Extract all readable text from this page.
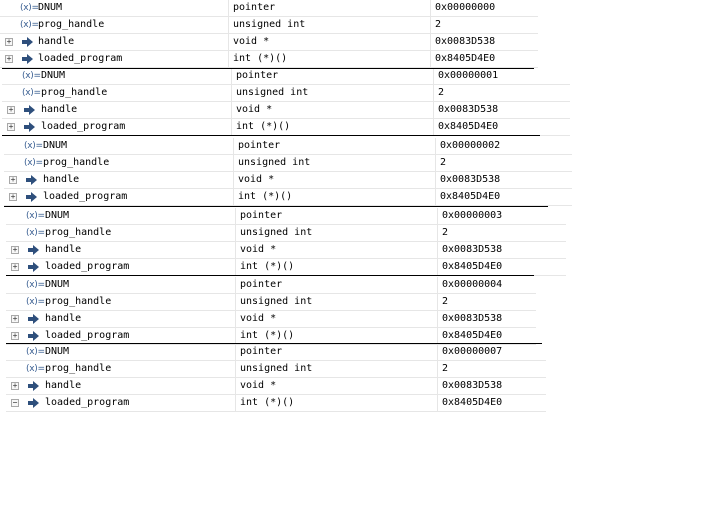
(x)= DNUM	pointer	0x00000000
(x)= prog_handle	unsigned int	2
+	handle	void *	0x0083D538
+	loaded_program	int (*)()	0x8405D4E0
(x)= DNUM	pointer	0x00000001
(x)= prog_handle	unsigned int	2
+	handle	void *	0x0083D538
+	loaded_program	int (*)()	0x8405D4E0
(x)= DNUM	pointer	0x00000002
(x)= prog_handle	unsigned int	2
+	handle	void *	0x0083D538
+	loaded_program	int (*)()	0x8405D4E0
(x)= DNUM	pointer	0x00000003
(x)= prog_handle	unsigned int	2
+	handle	void *	0x0083D538
+	loaded_program	int (*)()	0x8405D4E0
(x)= DNUM	pointer	0x00000004
(x)= prog_handle	unsigned int	2
+	handle	void *	0x0083D538
+	loaded_program	int (*)()	0x8405D4E0
(x)= DNUM	pointer	0x00000007
(x)= prog_handle	unsigned int	2
+	handle	void *	0x0083D538
−	loaded_program	int (*)()	0x8405D4E0
